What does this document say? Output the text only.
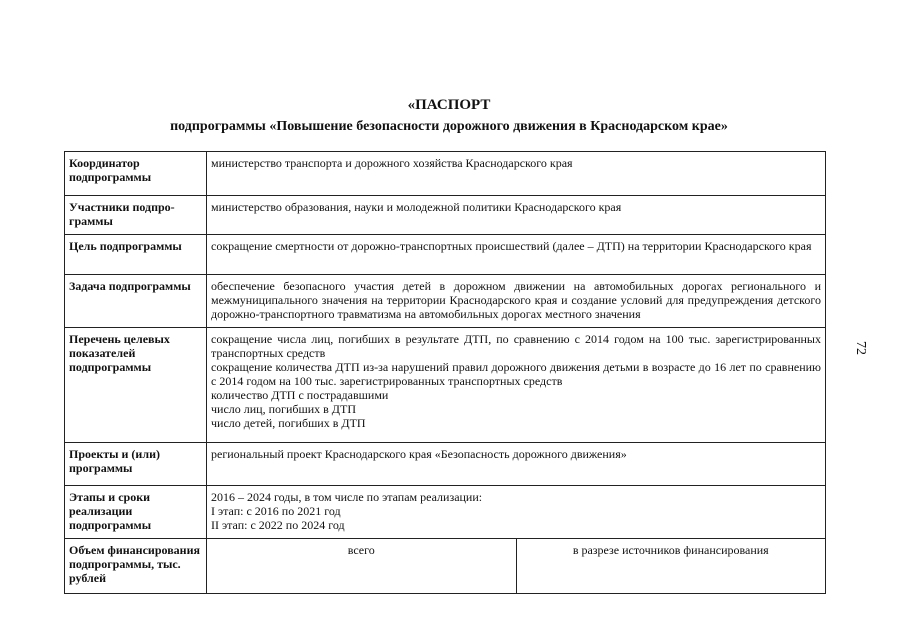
«ПАСПОРТ
подпрограммы «Повышение безопасности дорожного движения в Краснодарском крае»
72
Координатор подпрограммы	министерство транспорта и дорожного хозяйства Краснодарского края	
Участники подпро-граммы	министерство образования, науки и молодежной политики Краснодарского края	
Цель подпрограммы	сокращение смертности от дорожно-транспортных происшествий (далее – ДТП) на территории Краснодарского края	
Задача подпрограммы	обеспечение безопасного участия детей в дорожном движении на автомобильных дорогах регионального и межмуниципального значения на территории Краснодарского края и создание условий для предупреждения детского дорожно-транспортного травматизма на автомобильных дорогах местного значения	
Перечень целевых показателей подпрограммы	сокращение числа лиц, погибших в результате ДТП, по сравнению с 2014 годом на 100 тыс. зарегистрированных транспортных средств
сокращение количества ДТП из-за нарушений правил дорожного движения детьми в возрасте до 16 лет по сравнению с 2014 годом на 100 тыс. зарегистрированных транспортных средств
количество ДТП с пострадавшими
число лиц, погибших в ДТП
число детей, погибших в ДТП	

Проекты и (или) программы	региональный проект Краснодарского края «Безопасность дорожного движения»	
Этапы и сроки реализации подпрограммы	2016 – 2024 годы, в том числе по этапам реализации:
I этап: с 2016 по 2021 год
II этап: с 2022 по 2024 год	

Объем финансирования подпрограммы, тыс. рублей	всего	в разрезе источников финансирования
